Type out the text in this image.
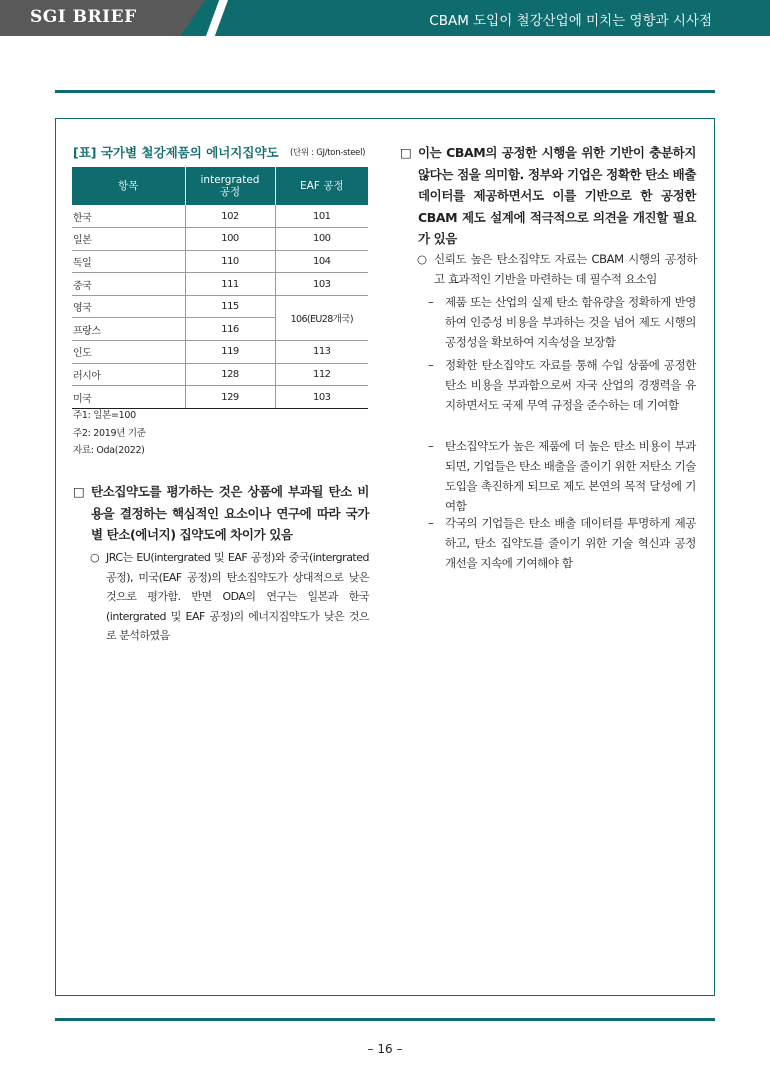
SGI BRIEF	CBAM 도입이 철강산업에 미치는 영향과 시사점
[표] 국가별 철강제품의 에너지집약도 (단위 : GJ/ton-steel)
항목	intergrated 공정	EAF 공정
한국	102	101
일본	100	100
독일	110	104
중국	111	103
영국	115	106(EU28개국)
프랑스	116	
인도	119	113
러시아	128	112
미국	129	103
주1: 일본=100
주2: 2019년 기준
자료: Oda(2022)
□ 탄소집약도를 평가하는 것은 상품에 부과될 탄소 비용을 결정하는 핵심적인 요소이나 연구에 따라 국가별 탄소(에너지) 집약도에 차이가 있음
○ JRC는 EU(intergrated 및 EAF 공정)와 중국(intergrated 공정), 미국(EAF 공정)의 탄소집약도가 상대적으로 낮은 것으로 평가함. 반면 ODA의 연구는 일본과 한국(intergrated 및 EAF 공정)의 에너지집약도가 낮은 것으로 분석하였음
□ 이는 CBAM의 공정한 시행을 위한 기반이 충분하지 않다는 점을 의미함. 정부와 기업은 정확한 탄소 배출 데이터를 제공하면서도 이를 기반으로 한 공정한 CBAM 제도 설계에 적극적으로 의견을 개진할 필요가 있음
○ 신뢰도 높은 탄소집약도 자료는 CBAM 시행의 공정하고 효과적인 기반을 마련하는 데 필수적 요소임
– 제품 또는 산업의 실제 탄소 함유량을 정확하게 반영하여 인증성 비용을 부과하는 것을 넘어 제도 시행의 공정성을 확보하여 지속성을 보장함
– 정확한 탄소집약도 자료를 통해 수입 상품에 공정한 탄소 비용을 부과함으로써 자국 산업의 경쟁력을 유지하면서도 국제 무역 규정을 준수하는 데 기여함
– 탄소집약도가 높은 제품에 더 높은 탄소 비용이 부과되면, 기업들은 탄소 배출을 줄이기 위한 저탄소 기술 도입을 촉진하게 되므로 제도 본연의 목적 달성에 기여함
– 각국의 기업들은 탄소 배출 데이터를 투명하게 제공하고, 탄소 집약도를 줄이기 위한 기술 혁신과 공정 개선을 지속에 기여해야 함
– 16 –
